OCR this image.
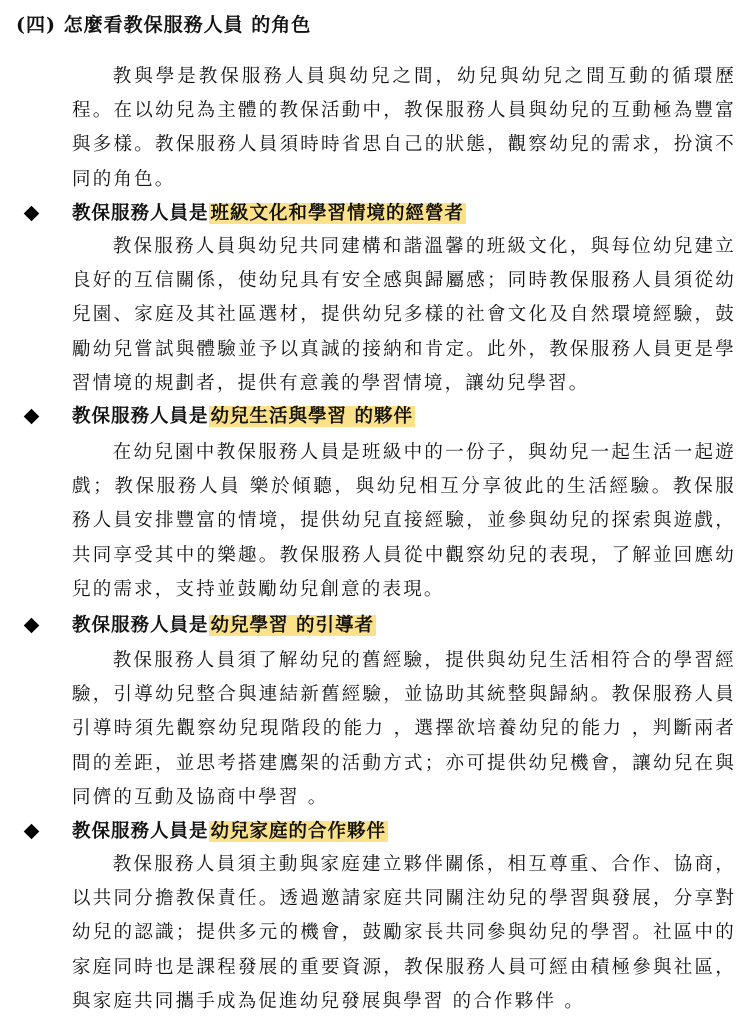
(四) 怎麼看教保服務人員 的角色

教與學是教保服務人員與幼兒之間，幼兒與幼兒之間互動的循環歷程。在以幼兒為主體的教保活動中，教保服務人員與幼兒的互動極為豐富與多樣。教保服務人員須時時省思自己的狀態，觀察幼兒的需求，扮演不同的角色。

教保服務人員是 班級文化和學習情境的經營者

教保服務人員與幼兒共同建構和諧溫馨的班級文化，與每位幼兒建立良好的互信關係，使幼兒具有安全感與歸屬感；同時教保服務人員須從幼兒園、家庭及其社區選材，提供幼兒多樣的社會文化及自然環境經驗，鼓勵幼兒嘗試與體驗並予以真誠的接納和肯定。此外，教保服務人員更是學習情境的規劃者，提供有意義的學習情境，讓幼兒學習。

教保服務人員是 幼兒生活與學習 的夥伴

在幼兒園中教保服務人員是班級中的一份子，與幼兒一起生活一起遊戲；教保服務人員 樂於傾聽，與幼兒相互分享彼此的生活經驗。教保服務人員安排豐富的情境，提供幼兒直接經驗，並參與幼兒的探索與遊戲，共同享受其中的樂趣。教保服務人員從中觀察幼兒的表現，了解並回應幼兒的需求，支持並鼓勵幼兒創意的表現。

教保服務人員是 幼兒學習 的引導者

教保服務人員須了解幼兒的舊經驗，提供與幼兒生活相符合的學習經驗，引導幼兒整合與連結新舊經驗，並協助其統整與歸納。教保服務人員引導時須先觀察幼兒現階段的能力 ，選擇欲培養幼兒的能力 ，判斷兩者間的差距，並思考搭建鷹架的活動方式；亦可提供幼兒機會，讓幼兒在與同儕的互動及協商中學習 。

教保服務人員是 幼兒家庭的合作夥伴

教保服務人員須主動與家庭建立夥伴關係，相互尊重、合作、協商，以共同分擔教保責任。透過邀請家庭共同關注幼兒的學習與發展，分享對幼兒的認識；提供多元的機會，鼓勵家長共同參與幼兒的學習。社區中的家庭同時也是課程發展的重要資源，教保服務人員可經由積極參與社區，與家庭共同攜手成為促進幼兒發展與學習 的合作夥伴 。
